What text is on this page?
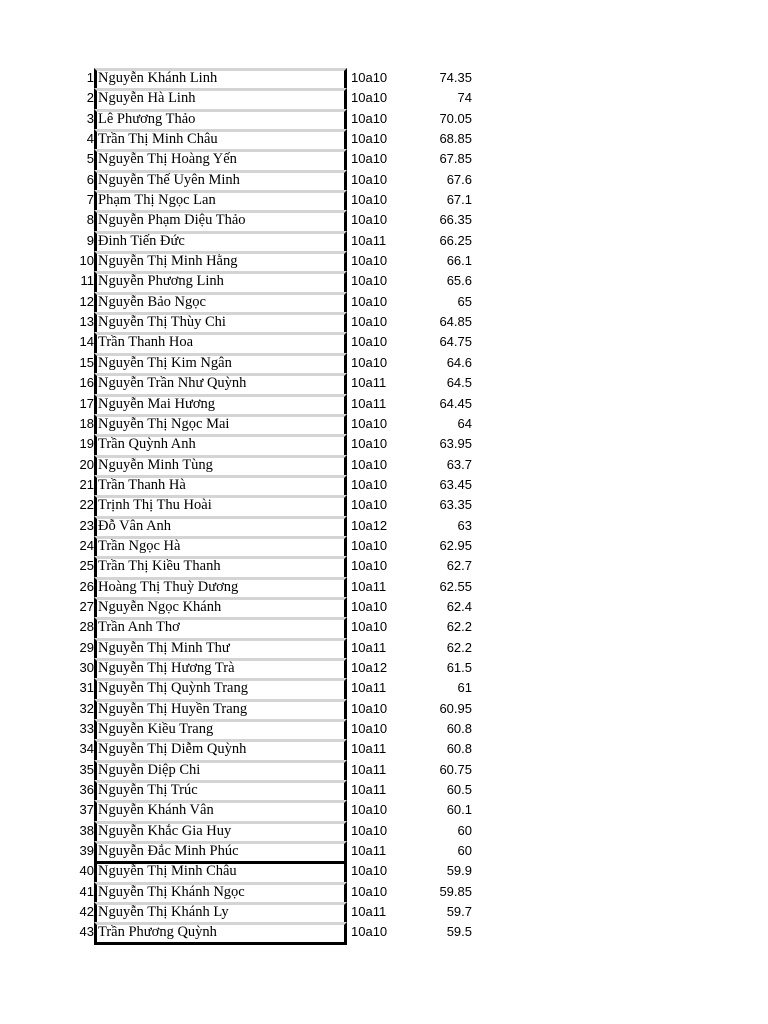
1 Nguyễn Khánh Linh	10a10	74.35
2 Nguyễn Hà Linh	10a10	74
3 Lê Phương Thảo	10a10	70.05
4 Trần Thị Minh Châu	10a10	68.85
5 Nguyễn Thị Hoàng Yến	10a10	67.85
6 Nguyễn Thế Uyên Minh	10a10	67.6
7 Phạm Thị Ngọc Lan	10a10	67.1
8 Nguyễn Phạm Diệu Thảo	10a10	66.35
9 Đinh Tiến Đức	10a11	66.25
10 Nguyễn Thị Minh Hằng	10a10	66.1
11 Nguyễn Phương Linh	10a10	65.6
12 Nguyễn Bảo Ngọc	10a10	65
13 Nguyễn Thị Thùy Chi	10a10	64.85
14 Trần Thanh Hoa	10a10	64.75
15 Nguyễn Thị Kim Ngân	10a10	64.6
16 Nguyễn Trần Như Quỳnh	10a11	64.5
17 Nguyễn Mai Hương	10a11	64.45
18 Nguyễn Thị Ngọc Mai	10a10	64
19 Trần Quỳnh Anh	10a10	63.95
20 Nguyễn Minh Tùng	10a10	63.7
21 Trần Thanh Hà	10a10	63.45
22 Trịnh Thị Thu Hoài	10a10	63.35
23 Đỗ Vân Anh	10a12	63
24 Trần Ngọc Hà	10a10	62.95
25 Trần Thị Kiều Thanh	10a10	62.7
26 Hoàng Thị Thuỳ Dương	10a11	62.55
27 Nguyễn Ngọc Khánh	10a10	62.4
28 Trần Anh Thơ	10a10	62.2
29 Nguyễn Thị Minh Thư	10a11	62.2
30 Nguyễn Thị Hương Trà	10a12	61.5
31 Nguyễn Thị Quỳnh Trang	10a11	61
32 Nguyễn Thị Huyền Trang	10a10	60.95
33 Nguyễn Kiều Trang	10a10	60.8
34 Nguyễn Thị Diễm Quỳnh	10a11	60.8
35 Nguyễn Diệp Chi	10a11	60.75
36 Nguyễn Thị Trúc	10a11	60.5
37 Nguyễn Khánh Vân	10a10	60.1
38 Nguyễn Khắc Gia Huy	10a10	60
39 Nguyễn Đắc Minh Phúc	10a11	60
40 Nguyễn Thị Minh Châu	10a10	59.9
41 Nguyễn Thị Khánh Ngọc	10a10	59.85
42 Nguyễn Thị Khánh Ly	10a11	59.7
43 Trần Phương Quỳnh	10a10	59.5
